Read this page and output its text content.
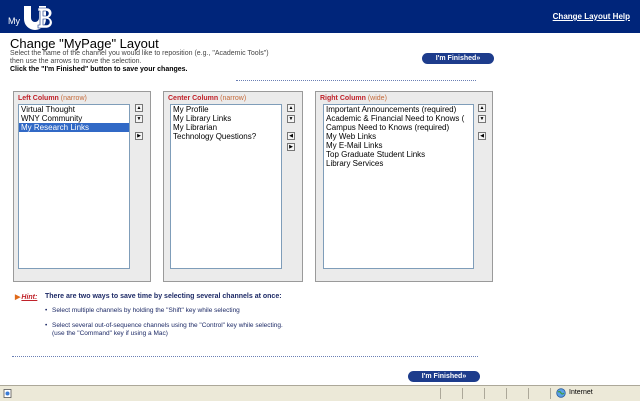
My	Change Layout Help
Change "MyPage" Layout
Select the name of the channel you would like to reposition (e.g., "Academic Tools")
then use the arrows to move the selection.
Click the "I'm Finished" button to save your changes.
I'm Finished»
Left Column (narrow)
Virtual Thought
WNY Community
My Research Links
▲
▼
▶
Center Column (narrow)
My Profile
My Library Links
My Librarian
Technology Questions?
▲
▼
◀
▶
Right Column (wide)
Important Announcements (required)
Academic & Financial Need to Knows (
Campus Need to Knows (required)
My Web Links
My E-Mail Links
Top Graduate Student Links
Library Services
▲
▼
◀
▶Hint: There are two ways to save time by selecting several channels at once:
• Select multiple channels by holding the "Shift" key while selecting
• Select several out-of-sequence channels using the "Control" key while selecting.
(use the "Command" key if using a Mac)
I'm Finished»
Internet
